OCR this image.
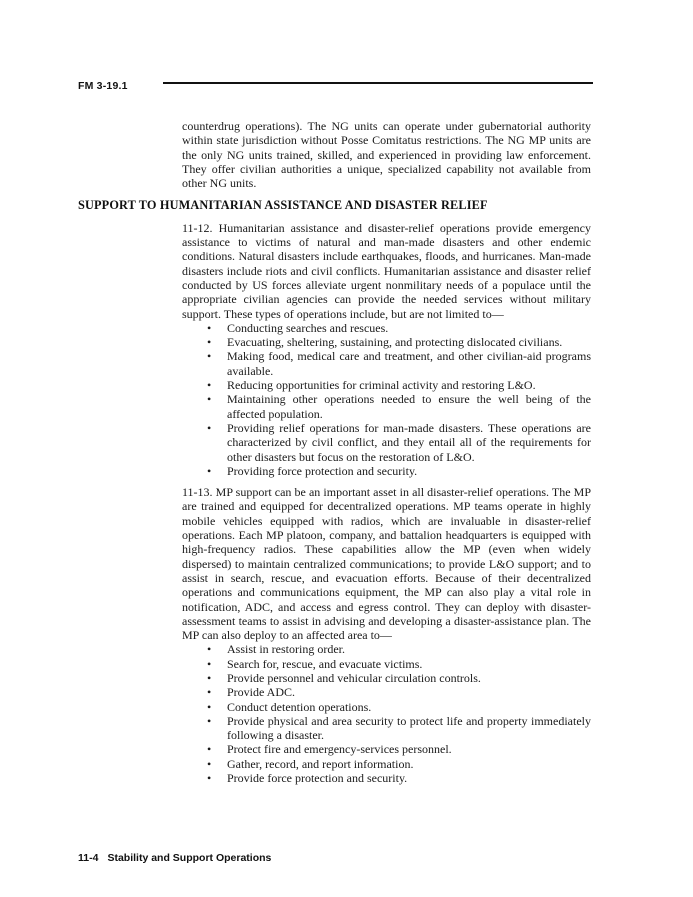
FM 3-19.1

counterdrug operations). The NG units can operate under gubernatorial authority within state jurisdiction without Posse Comitatus restrictions. The NG MP units are the only NG units trained, skilled, and experienced in providing law enforcement. They offer civilian authorities a unique, specialized capability not available from other NG units.

SUPPORT TO HUMANITARIAN ASSISTANCE AND DISASTER RELIEF

11-12. Humanitarian assistance and disaster-relief operations provide emergency assistance to victims of natural and man-made disasters and other endemic conditions. Natural disasters include earthquakes, floods, and hurricanes. Man-made disasters include riots and civil conflicts. Humanitarian assistance and disaster relief conducted by US forces alleviate urgent nonmilitary needs of a populace until the appropriate civilian agencies can provide the needed services without military support. These types of operations include, but are not limited to—

• Conducting searches and rescues.
• Evacuating, sheltering, sustaining, and protecting dislocated civilians.
• Making food, medical care and treatment, and other civilian-aid programs available.
• Reducing opportunities for criminal activity and restoring L&O.
• Maintaining other operations needed to ensure the well being of the affected population.
• Providing relief operations for man-made disasters. These operations are characterized by civil conflict, and they entail all of the requirements for other disasters but focus on the restoration of L&O.
• Providing force protection and security.

11-13. MP support can be an important asset in all disaster-relief operations. The MP are trained and equipped for decentralized operations. MP teams operate in highly mobile vehicles equipped with radios, which are invaluable in disaster-relief operations. Each MP platoon, company, and battalion headquarters is equipped with high-frequency radios. These capabilities allow the MP (even when widely dispersed) to maintain centralized communications; to provide L&O support; and to assist in search, rescue, and evacuation efforts. Because of their decentralized operations and communications equipment, the MP can also play a vital role in notification, ADC, and access and egress control. They can deploy with disaster-assessment teams to assist in advising and developing a disaster-assistance plan. The MP can also deploy to an affected area to—

• Assist in restoring order.
• Search for, rescue, and evacuate victims.
• Provide personnel and vehicular circulation controls.
• Provide ADC.
• Conduct detention operations.
• Provide physical and area security to protect life and property immediately following a disaster.
• Protect fire and emergency-services personnel.
• Gather, record, and report information.
• Provide force protection and security.
11-4 Stability and Support Operations
